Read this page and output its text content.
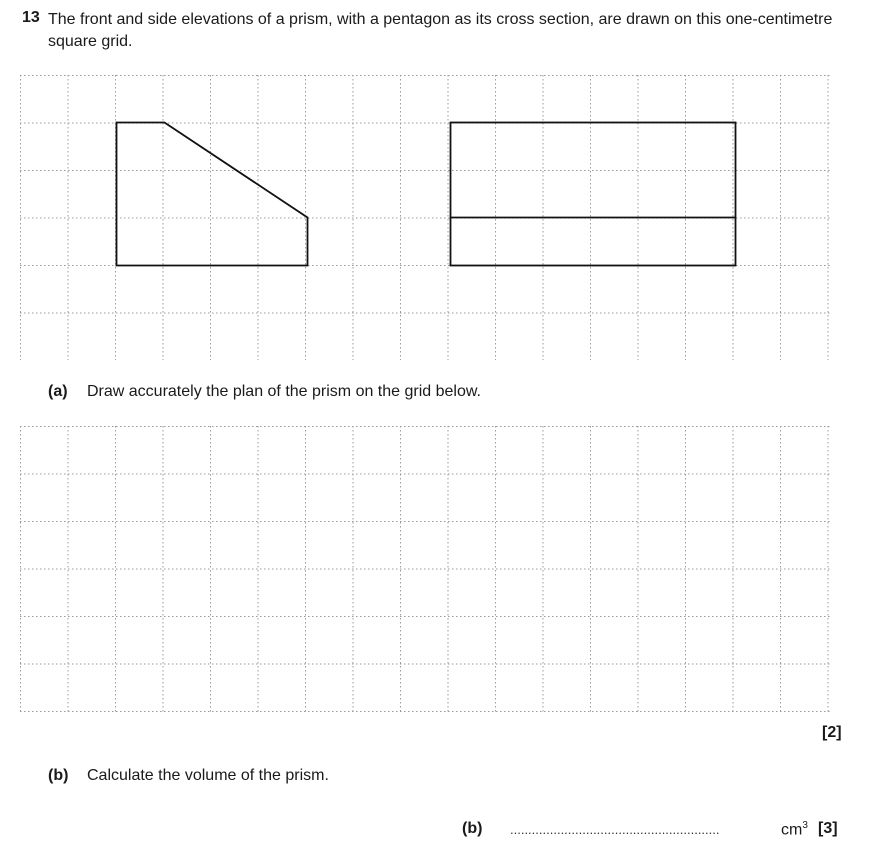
13 The front and side elevations of a prism, with a pentagon as its cross section, are drawn on this one-centimetre square grid.
(a) Draw accurately the plan of the prism on the grid below.
[2]
(b) Calculate the volume of the prism.
(b) ..........................................................	$cm^3$ [3]
